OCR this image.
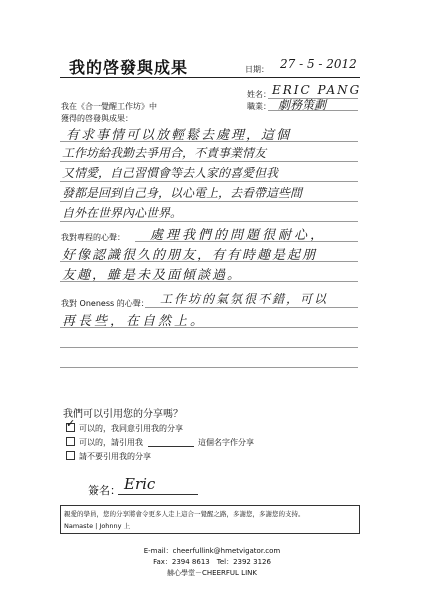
我的啓發與成果	日期： 27 - 5 - 2012
姓名： ERIC PANG
我在《合一覺醒工作坊》中	職業： 劇務策劃
獲得的啓發與成果：
有求事情可以放輕鬆去處理，這個
工作坊給我勤去爭用合，不責事業情友
又情愛，自己習慣會等去人家的喜愛但我
發都是回到自己身，以心電上，去看帶這些間
自外在世界內心世界。
我對專程的心聲： 處理我們的問題很耐心，
好像認識很久的朋友，有有時趣是起朋
友趣，雖是未及面傾談過。
我對 Oneness 的心聲： 工作坊的氣氛很不錯，可以
再長些，在自然上。
我們可以引用您的分享嗎？
✓ 可以的，我同意引用我的分享
可以的，請引用我	這個名字作分享
請不要引用我的分享
簽名： Eric
親愛的學員，您的分享將會令更多人走上這合一覺醒之路，多謝您，多謝您的支持。
Namaste | Johnny 上
E-mail：cheerfullink@hmetvigator.com
Fax：2394 8613　Tel：2392 3126
赫心學堂－CHEERFUL LINK
